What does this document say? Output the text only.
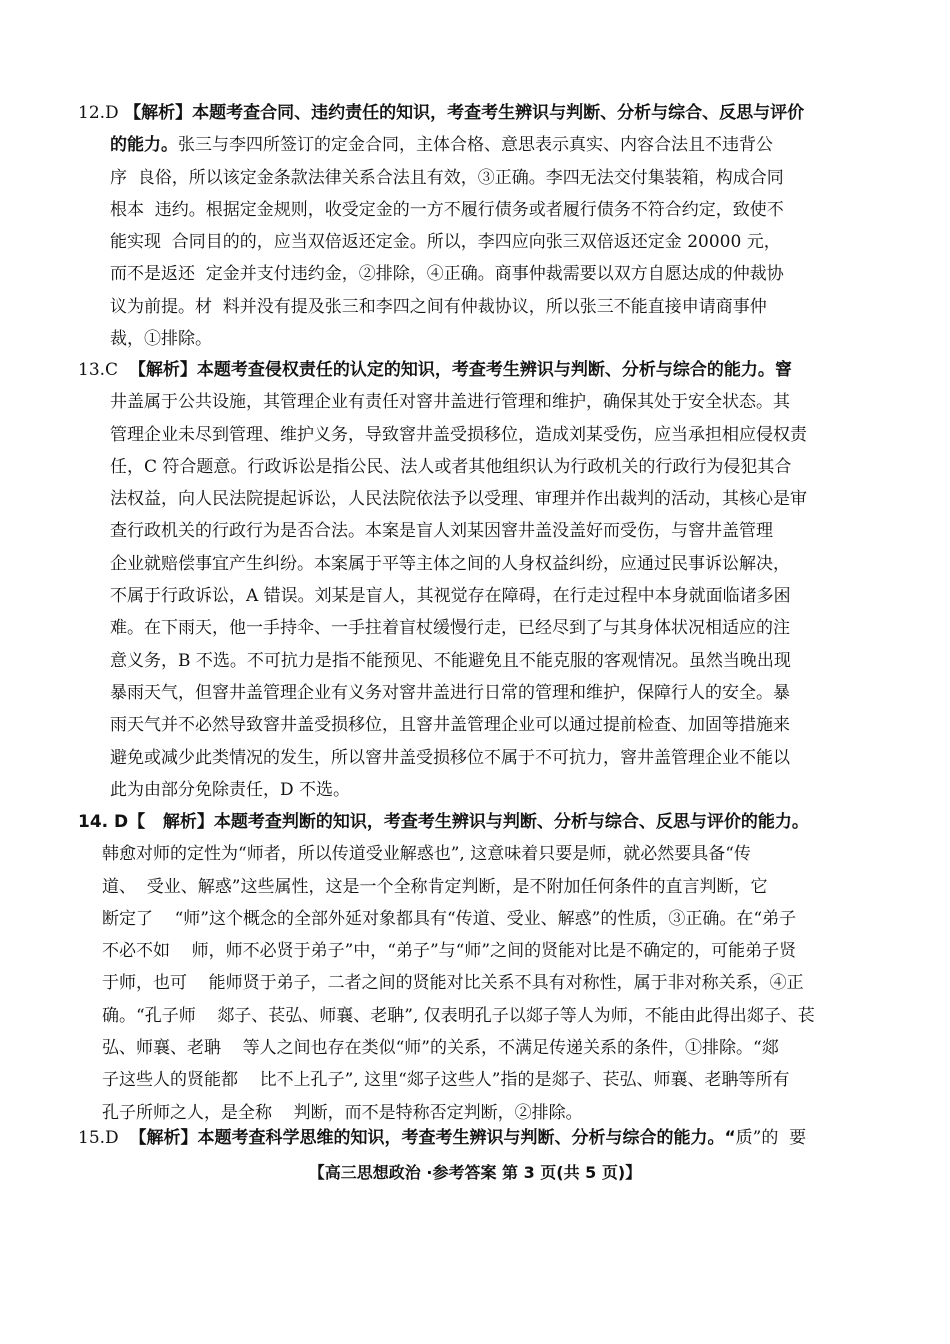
12.D 【解析】本题考查合同、违约责任的知识，考查考生辨识与判断、分析与综合、反思与评价
的能力。张三与李四所签订的定金合同，主体合格、意思表示真实、内容合法且不违背公
序  良俗，所以该定金条款法律关系合法且有效，③正确。李四无法交付集装箱，构成合同
根本  违约。根据定金规则，收受定金的一方不履行债务或者履行债务不符合约定，致使不
能实现  合同目的的，应当双倍返还定金。所以，李四应向张三双倍返还定金 20000 元，
而不是返还  定金并支付违约金，②排除，④正确。商事仲裁需要以双方自愿达成的仲裁协
议为前提。材  料并没有提及张三和李四之间有仲裁协议，所以张三不能直接申请商事仲
裁，①排除。
13.C 【解析】本题考查侵权责任的认定的知识，考查考生辨识与判断、分析与综合的能力。窨
井盖属于公共设施，其管理企业有责任对窨井盖进行管理和维护，确保其处于安全状态。其
管理企业未尽到管理、维护义务，导致窨井盖受损移位，造成刘某受伤，应当承担相应侵权责
任，C 符合题意。行政诉讼是指公民、法人或者其他组织认为行政机关的行政行为侵犯其合
法权益，向人民法院提起诉讼，人民法院依法予以受理、审理并作出裁判的活动，其核心是审
查行政机关的行政行为是否合法。本案是盲人刘某因窨井盖没盖好而受伤，与窨井盖管理
企业就赔偿事宜产生纠纷。本案属于平等主体之间的人身权益纠纷，应通过民事诉讼解决，
不属于行政诉讼，A 错误。刘某是盲人，其视觉存在障碍，在行走过程中本身就面临诸多困
难。在下雨天，他一手持伞、一手拄着盲杖缓慢行走，已经尽到了与其身体状况相适应的注
意义务，B 不选。不可抗力是指不能预见、不能避免且不能克服的客观情况。虽然当晚出现
暴雨天气，但窨井盖管理企业有义务对窨井盖进行日常的管理和维护，保障行人的安全。暴
雨天气并不必然导致窨井盖受损移位，且窨井盖管理企业可以通过提前检查、加固等措施来
避免或减少此类情况的发生，所以窨井盖受损移位不属于不可抗力，窨井盖管理企业不能以
此为由部分免除责任，D 不选。
14. D【   解析】本题考查判断的知识，考查考生辨识与判断、分析与综合、反思与评价的能力。
韩愈对师的定性为“师者，所以传道受业解惑也”, 这意味着只要是师，就必然要具备“传
道、  受业、解惑”这些属性，这是一个全称肯定判断，是不附加任何条件的直言判断，它
断定了    “师”这个概念的全部外延对象都具有“传道、受业、解惑”的性质，③正确。在“弟子
不必不如    师，师不必贤于弟子”中，“弟子”与“师”之间的贤能对比是不确定的，可能弟子贤
于师，也可    能师贤于弟子，二者之间的贤能对比关系不具有对称性，属于非对称关系，④正
确。“孔子师    郯子、苌弘、师襄、老聃”, 仅表明孔子以郯子等人为师，不能由此得出郯子、苌
弘、师襄、老聃    等人之间也存在类似“师”的关系，不满足传递关系的条件，①排除。“郯
子这些人的贤能都    比不上孔子”, 这里“郯子这些人”指的是郯子、苌弘、师襄、老聃等所有
孔子所师之人，是全称    判断，而不是特称否定判断，②排除。
15.D 【解析】本题考查科学思维的知识，考查考生辨识与判断、分析与综合的能力。“质”的  要
【高三思想政治 ·参考答案 第 3 页(共 5 页)】
